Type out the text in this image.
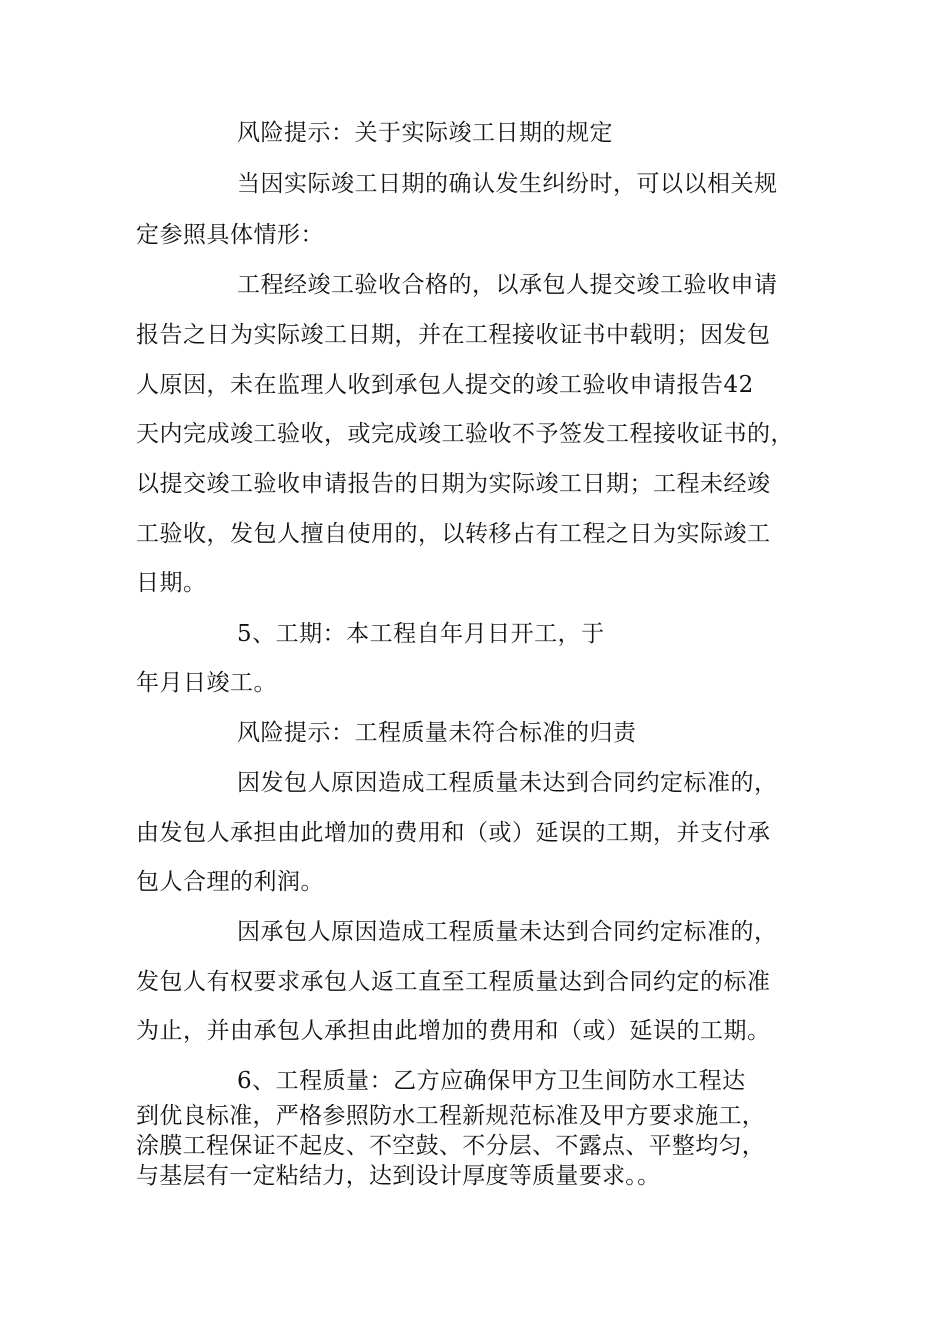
风险提示：关于实际竣工日期的规定
当因实际竣工日期的确认发生纠纷时，可以以相关规
定参照具体情形：
工程经竣工验收合格的，以承包人提交竣工验收申请
报告之日为实际竣工日期，并在工程接收证书中载明；因发包
人原因，未在监理人收到承包人提交的竣工验收申请报告42
天内完成竣工验收，或完成竣工验收不予签发工程接收证书的，
以提交竣工验收申请报告的日期为实际竣工日期；工程未经竣
工验收，发包人擅自使用的，以转移占有工程之日为实际竣工
日期。
5、工期：本工程自年月日开工，于
年月日竣工。
风险提示：工程质量未符合标准的归责
因发包人原因造成工程质量未达到合同约定标准的，
由发包人承担由此增加的费用和（或）延误的工期，并支付承
包人合理的利润。
因承包人原因造成工程质量未达到合同约定标准的，
发包人有权要求承包人返工直至工程质量达到合同约定的标准
为止，并由承包人承担由此增加的费用和（或）延误的工期。
6、工程质量：乙方应确保甲方卫生间防水工程达
到优良标准，严格参照防水工程新规范标准及甲方要求施工，
涂膜工程保证不起皮、不空鼓、不分层、不露点、平整均匀，
与基层有一定粘结力，达到设计厚度等质量要求。。
